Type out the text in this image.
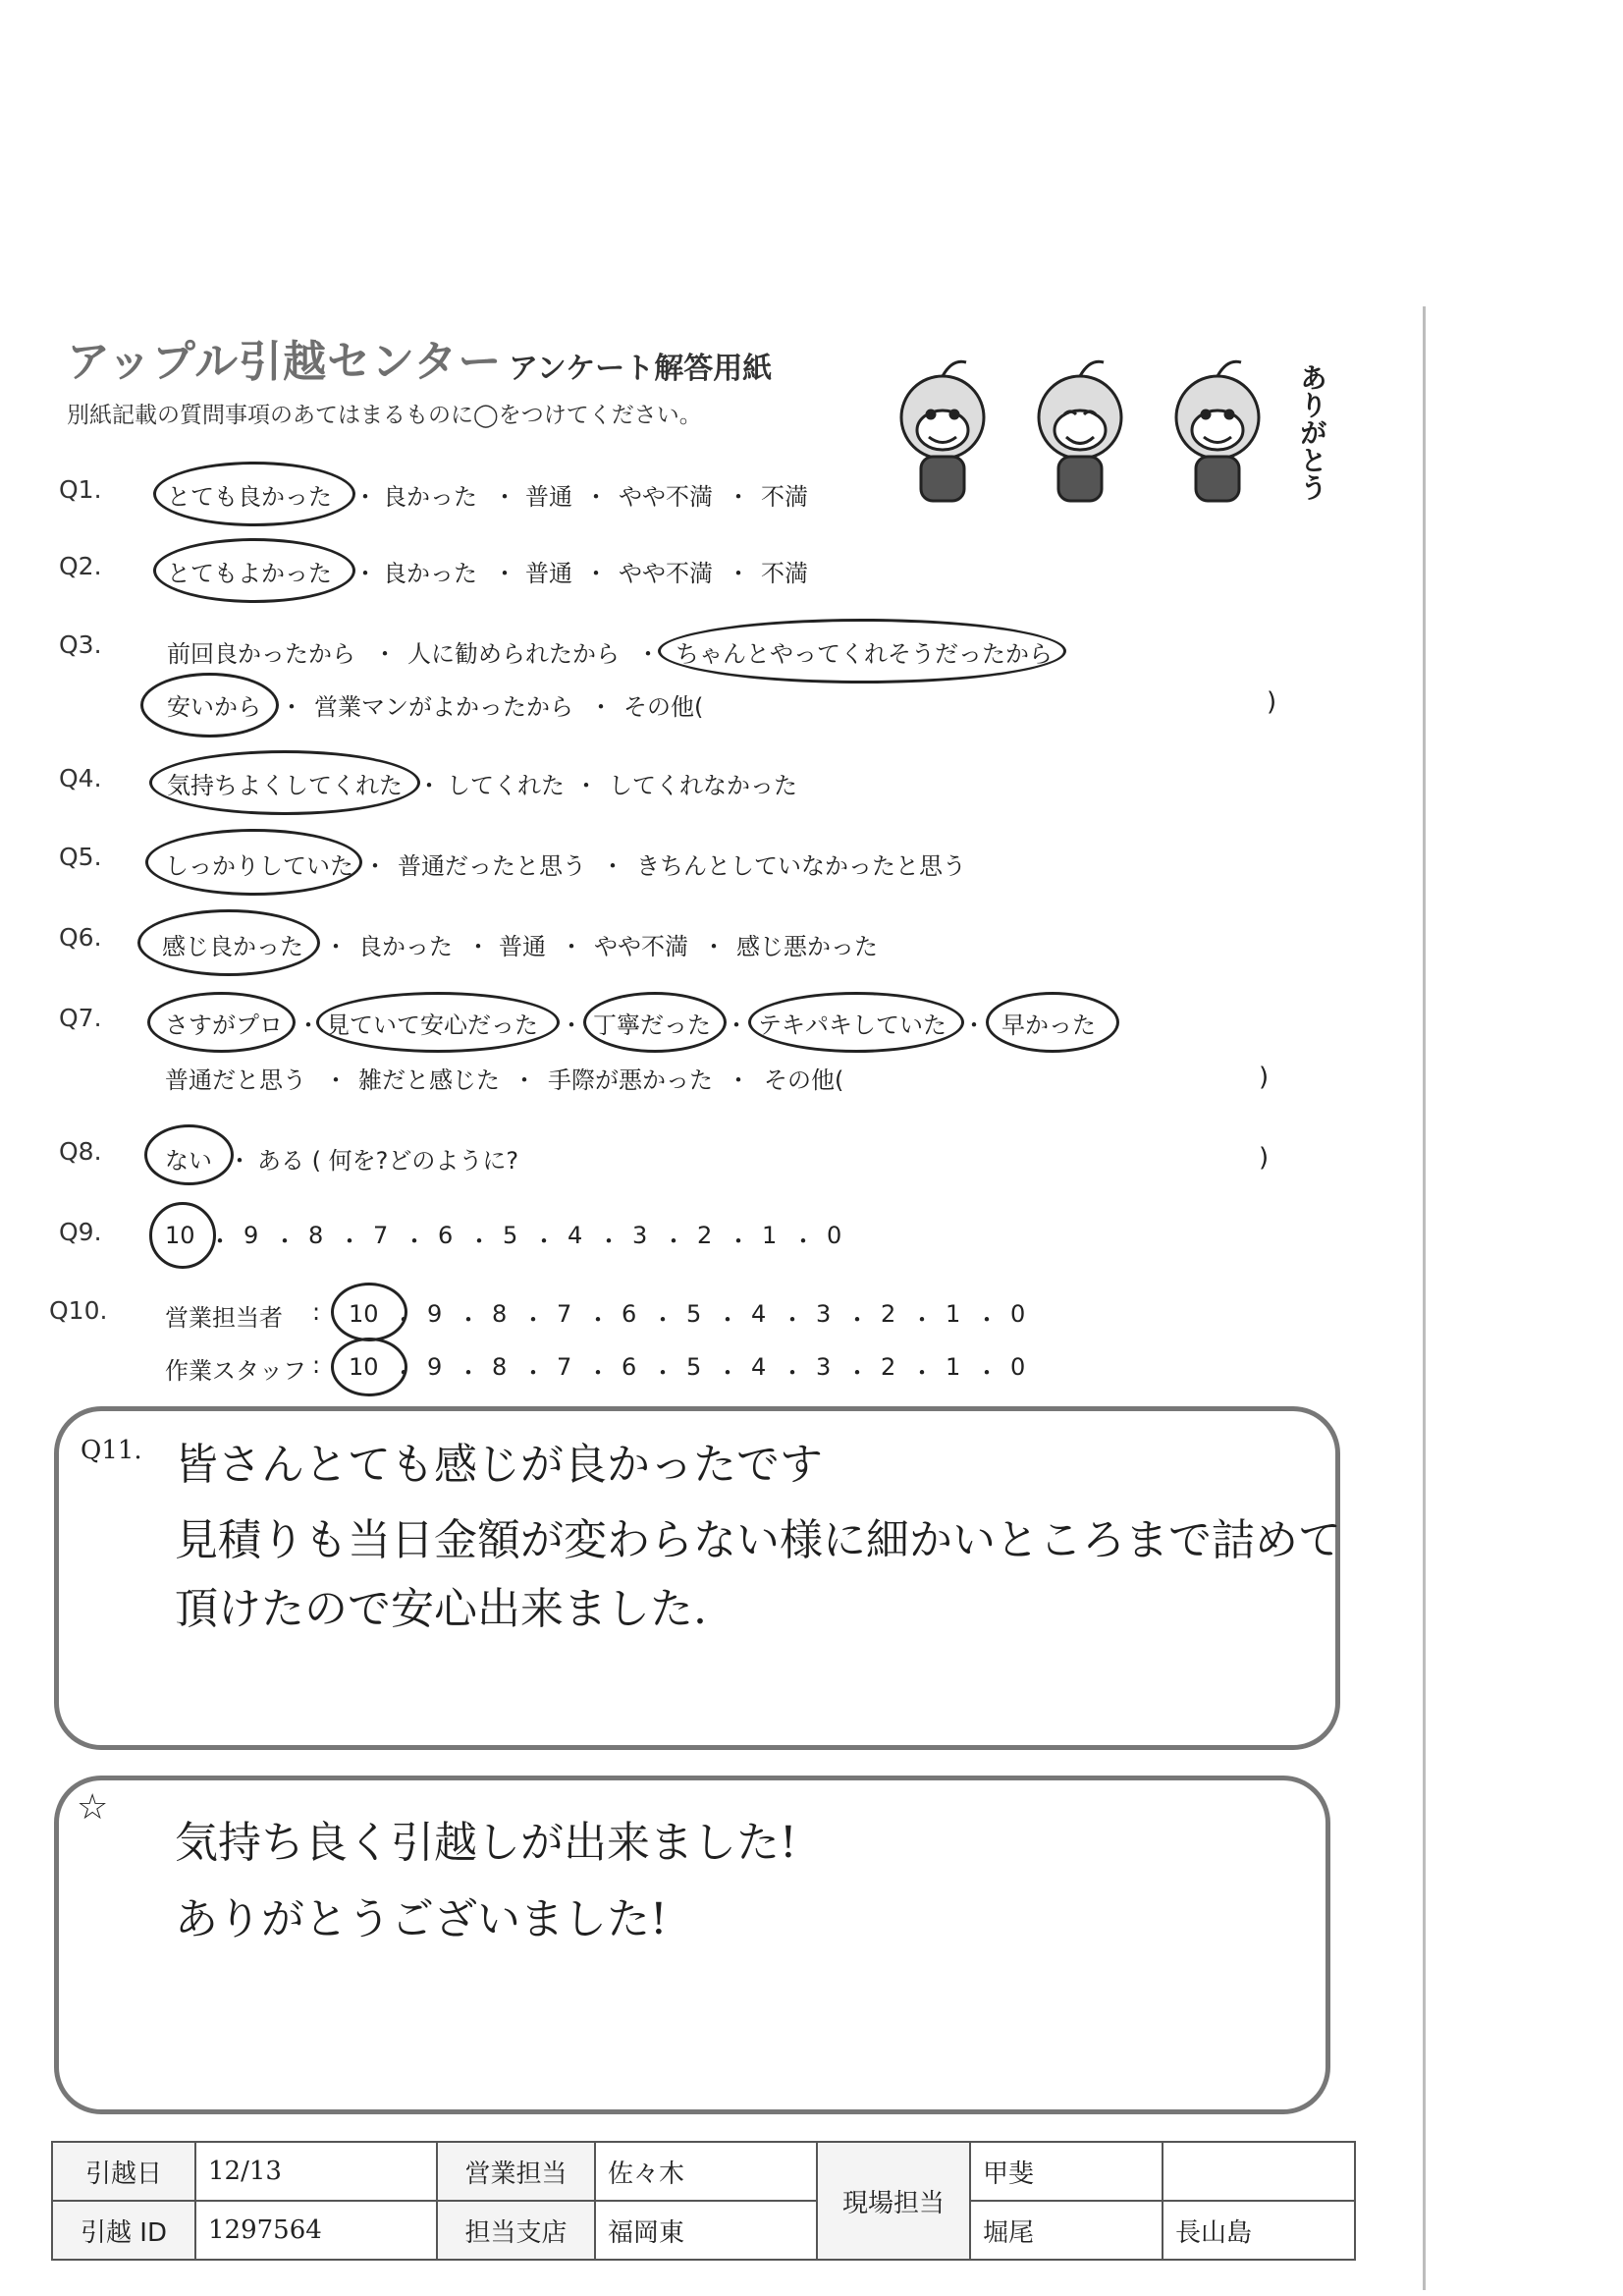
アップル引越センター アンケート解答用紙
別紙記載の質問事項のあてはまるものに◯をつけてください。	ありがとう
Q1.	とても良かった ・ 良かった ・ 普通 ・ やや不満 ・ 不満
Q2.	とてもよかった ・ 良かった ・ 普通 ・ やや不満 ・ 不満
Q3.	前回良かったから ・ 人に勧められたから ・ ちゃんとやってくれそうだったから
安いから ・ 営業マンがよかったから ・ その他(	)
Q4.	気持ちよくしてくれた ・ してくれた ・ してくれなかった
Q5.	しっかりしていた ・ 普通だったと思う ・ きちんとしていなかったと思う
Q6.	感じ良かった ・ 良かった ・ 普通 ・ やや不満 ・ 感じ悪かった
Q7.	さすがプロ ・ 見ていて安心だった ・ 丁寧だった ・ テキパキしていた ・ 早かった
普通だと思う ・ 雑だと感じた ・ 手際が悪かった ・ その他(	)
Q8.	ない ・ ある ( 何を?どのように?	)
Q9.	10 ・ 9 ・ 8 ・ 7 ・ 6 ・ 5 ・ 4 ・ 3 ・ 2 ・ 1 ・ 0
Q10. 営業担当者 : 10 ・ 9 ・ 8 ・ 7 ・ 6 ・ 5 ・ 4 ・ 3 ・ 2 ・ 1 ・ 0
作業スタッフ : 10 ・ 9 ・ 8 ・ 7 ・ 6 ・ 5 ・ 4 ・ 3 ・ 2 ・ 1 ・ 0
Q11. 皆さんとても感じが良かったです
見積りも当日金額が変わらない様に細かいところまで詰めて
頂けたので安心出来ました.
☆
気持ち良く引越しが出来ました!
ありがとうございました!
引越日	12/13	営業担当	佐々木	現場担当	甲斐	
引越 ID	1297564	担当支店	福岡東		堀尾	長山島
